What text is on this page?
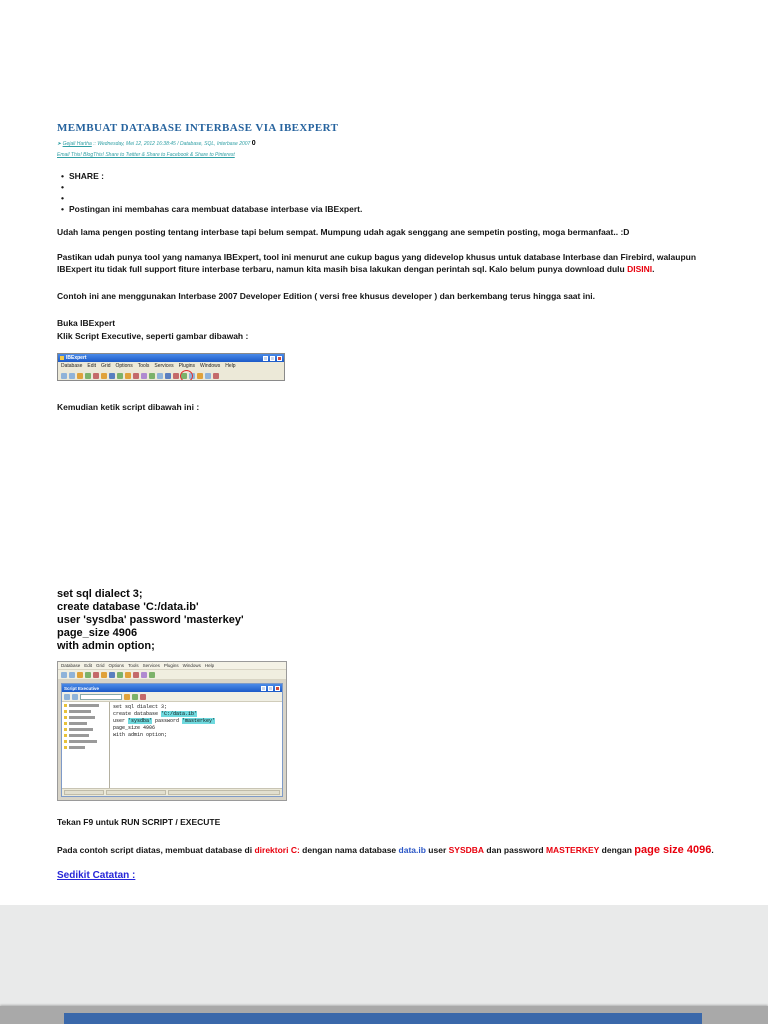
MEMBUAT DATABASE INTERBASE VIA IBEXPERT
➤ Gejali Hartha :: Wednesday, Mei 12, 2012 16:38:45 / Database, SQL, Interbase 2007 0
Email This! BlogThis! Share to Twitter & Share to Facebook & Share to Pinterest
• SHARE :
•
•
• Postingan ini membahas cara membuat database interbase via IBExpert.

Udah lama pengen posting tentang interbase tapi belum sempat. Mumpung udah agak senggang ane sempetin posting, moga bermanfaat.. :D

Pastikan udah punya tool yang namanya IBExpert, tool ini menurut ane cukup bagus yang didevelop khusus untuk database Interbase dan Firebird, walaupun IBExpert itu tidak full support fiture interbase terbaru, namun kita masih bisa lakukan dengan perintah sql. Kalo belum punya download dulu DISINI.

Contoh ini ane menggunakan Interbase 2007 Developer Edition ( versi free khusus developer ) dan berkembang terus hingga saat ini.

Buka IBExpert

Klik Script Executive, seperti gambar dibawah :

IBExpert
Database Edit Grid Options Tools Services Plugins Windows Help

Kemudian ketik script dibawah ini :

set sql dialect 3;
create database 'C:/data.ib'
user 'sysdba' password 'masterkey'
page_size 4906
with admin option;
Database Edit Grid Options Tools Services Plugins Windows Help
Script Executive
set sql dialect 3;
create database 'C:/data.ib'
user 'sysdba' password 'masterkey'
page_size 4906
with admin option;

Tekan F9 untuk RUN SCRIPT / EXECUTE

Pada contoh script diatas, membuat database di direktori C: dengan nama database data.ib user SYSDBA dan password MASTERKEY dengan page size 4096.

Sedikit Catatan :
